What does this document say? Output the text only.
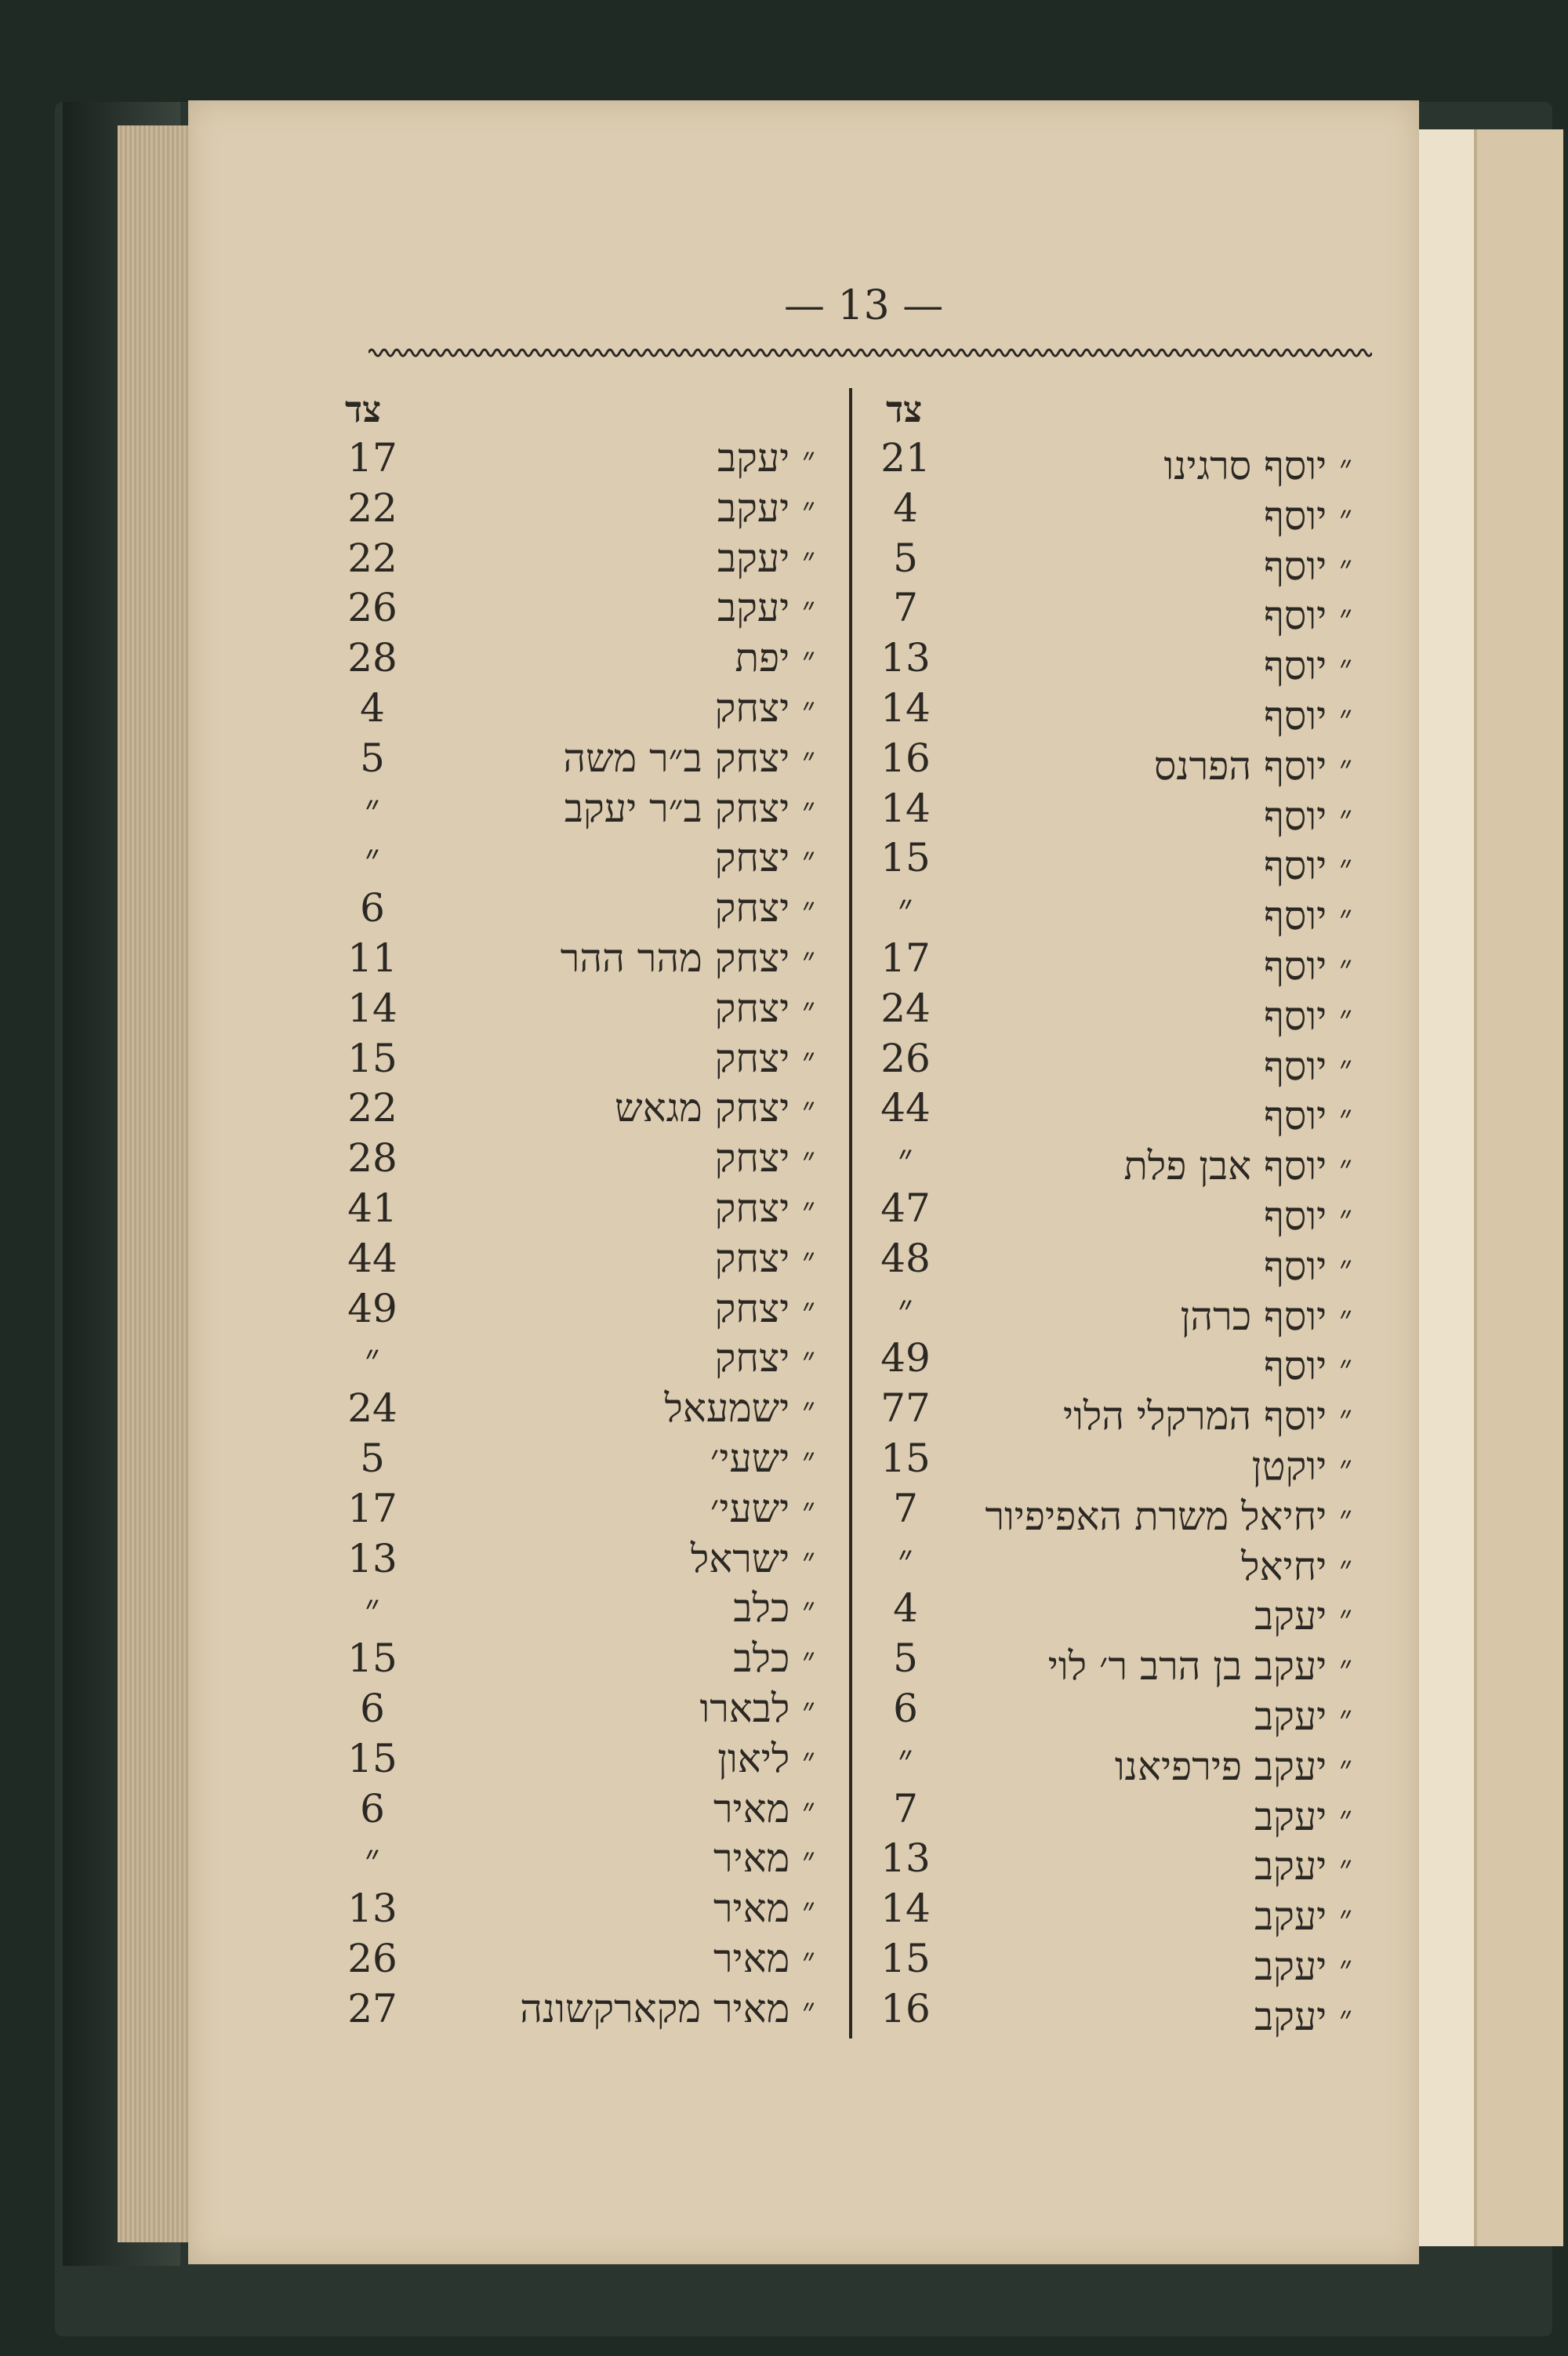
— 13 —
צד	צד
17	״יעקב
22	״יעקב
22	״יעקב
26	״יעקב
28	״יפת
4	״יצחק
5	״יצחק ב״ר משה
״	״יצחק ב״ר יעקב
״	״יצחק
6	״יצחק
11	״יצחק מהר ההר
14	״יצחק
15	״יצחק
22	״יצחק מגאש
28	״יצחק
41	״יצחק
44	״יצחק
49	״יצחק
״	״יצחק
24	״ישמעאל
5	״ישעי׳
17	״ישעי׳
13	״ישראל
״	״כלב
15	״כלב
6	״לבארו
15	״ליאון
6	״מאיר
״	״מאיר
13	״מאיר
26	״מאיר
27	״מאיר מקארקשונה
21	״יוסף סרגינו
4	״יוסף
5	״יוסף
7	״יוסף
13	״יוסף
14	״יוסף
16	״יוסף הפרנס
14	״יוסף
15	״יוסף
״	״יוסף
17	״יוסף
24	״יוסף
26	״יוסף
44	״יוסף
״	״יוסף אבן פלת
47	״יוסף
48	״יוסף
״	״יוסף כרהן
49	״יוסף
77	״יוסף המרקלי הלוי
15	״יוקטן
7	״יחיאל משרת האפיפיור
״	״יחיאל
4	״יעקב
5	״יעקב בן הרב ר׳ לוי
6	״יעקב
״	״יעקב פירפיאנו
7	״יעקב
13	״יעקב
14	״יעקב
15	״יעקב
16	״יעקב
